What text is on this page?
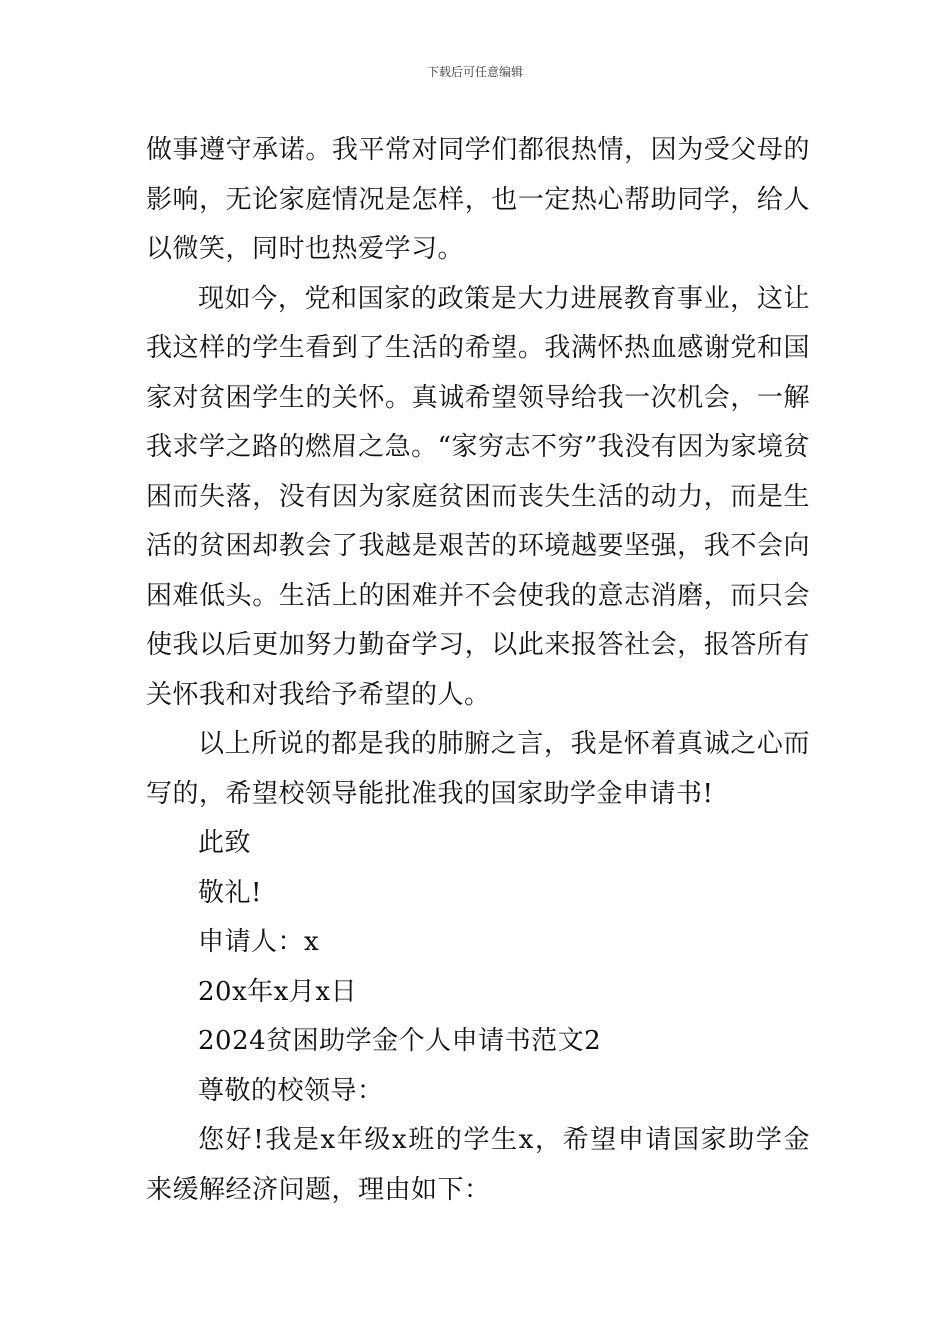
下载后可任意编辑

做事遵守承诺。我平常对同学们都很热情，因为受父母的影响，无论家庭情况是怎样，也一定热心帮助同学，给人以微笑，同时也热爱学习。

现如今，党和国家的政策是大力进展教育事业，这让我这样的学生看到了生活的希望。我满怀热血感谢党和国家对贫困学生的关怀。真诚希望领导给我一次机会，一解我求学之路的燃眉之急。“家穷志不穷”我没有因为家境贫困而失落，没有因为家庭贫困而丧失生活的动力，而是生活的贫困却教会了我越是艰苦的环境越要坚强，我不会向困难低头。生活上的困难并不会使我的意志消磨，而只会使我以后更加努力勤奋学习，以此来报答社会，报答所有关怀我和对我给予希望的人。

以上所说的都是我的肺腑之言，我是怀着真诚之心而写的，希望校领导能批准我的国家助学金申请书!

此致

敬礼!

申请人：x

20x年x月x日

2024贫困助学金个人申请书范文2

尊敬的校领导：

您好!我是x年级x班的学生x，希望申请国家助学金来缓解经济问题，理由如下：
